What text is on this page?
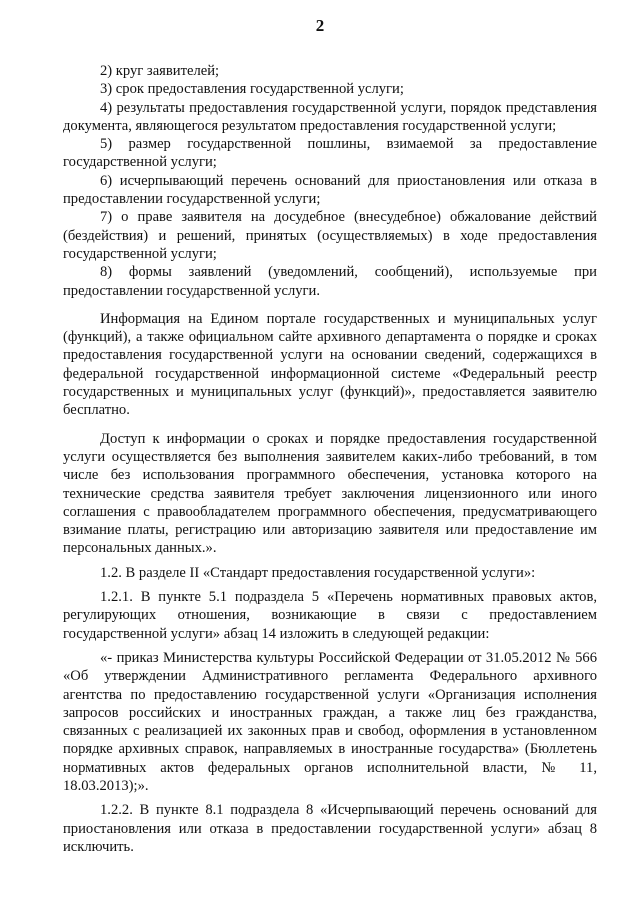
2

2) круг заявителей;

3) срок предоставления государственной услуги;

4) результаты предоставления государственной услуги, порядок представления документа, являющегося результатом предоставления государственной услуги;

5) размер государственной пошлины, взимаемой за предоставление государственной услуги;

6) исчерпывающий перечень оснований для приостановления или отказа в предоставлении государственной услуги;

7) о праве заявителя на досудебное (внесудебное) обжалование действий (бездействия) и решений, принятых (осуществляемых) в ходе предоставления государственной услуги;

8) формы заявлений (уведомлений, сообщений), используемые при предоставлении государственной услуги.

Информация на Едином портале государственных и муниципальных услуг (функций), а также официальном сайте архивного департамента о порядке и сроках предоставления государственной услуги на основании сведений, содержащихся в федеральной государственной информационной системе «Федеральный реестр государственных и муниципальных услуг (функций)», предоставляется заявителю бесплатно.

Доступ к информации о сроках и порядке предоставления государственной услуги осуществляется без выполнения заявителем каких-либо требований, в том числе без использования программного обеспечения, установка которого на технические средства заявителя требует заключения лицензионного или иного соглашения с правообладателем программного обеспечения, предусматривающего взимание платы, регистрацию или авторизацию заявителя или предоставление им персональных данных.».

1.2. В разделе II «Стандарт предоставления государственной услуги»:

1.2.1. В пункте 5.1 подраздела 5 «Перечень нормативных правовых актов, регулирующих отношения, возникающие в связи с предоставлением государственной услуги» абзац 14 изложить в следующей редакции:

«- приказ Министерства культуры Российской Федерации от 31.05.2012 № 566 «Об утверждении Административного регламента Федерального архивного агентства по предоставлению государственной услуги «Организация исполнения запросов российских и иностранных граждан, а также лиц без гражданства, связанных с реализацией их законных прав и свобод, оформления в установленном порядке архивных справок, направляемых в иностранные государства» (Бюллетень нормативных актов федеральных органов исполнительной власти, № 11, 18.03.2013);».

1.2.2. В пункте 8.1 подраздела 8 «Исчерпывающий перечень оснований для приостановления или отказа в предоставлении государственной услуги» абзац 8 исключить.
